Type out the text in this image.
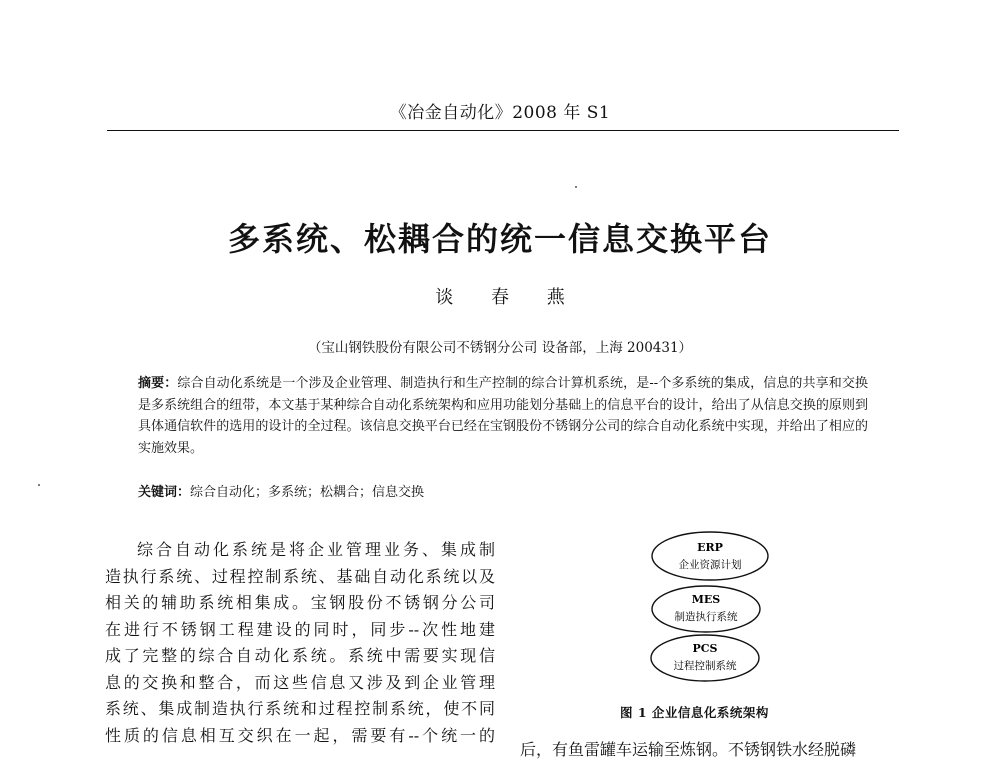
《冶金自动化》2008 年 S1
多系统、松耦合的统一信息交换平台
谈 春 燕
（宝山钢铁股份有限公司不锈钢分公司 设备部，上海 200431）
摘要：综合自动化系统是一个涉及企业管理、制造执行和生产控制的综合计算机系统，是--个多系统的集成，信息的共享和交换是多系统组合的纽带，本文基于某种综合自动化系统架构和应用功能划分基础上的信息平台的设计，给出了从信息交换的原则到具体通信软件的选用的设计的全过程。该信息交换平台已经在宝钢股份不锈钢分公司的综合自动化系统中实现，并给出了相应的实施效果。
关键词：综合自动化；多系统；松耦合；信息交换
综合自动化系统是将企业管理业务、集成制
造执行系统、过程控制系统、基础自动化系统以及
相关的辅助系统相集成。宝钢股份不锈钢分公司
在进行不锈钢工程建设的同时，同步--次性地建
成了完整的综合自动化系统。系统中需要实现信
息的交换和整合，而这些信息又涉及到企业管理
系统、集成制造执行系统和过程控制系统，使不同
性质的信息相互交织在一起，需要有--个统一的
ERP
企业资源计划
MES
制造执行系统
PCS
过程控制系统
图 1 企业信息化系统架构
后，有鱼雷罐车运输至炼钢。不锈钢铁水经脱磷
